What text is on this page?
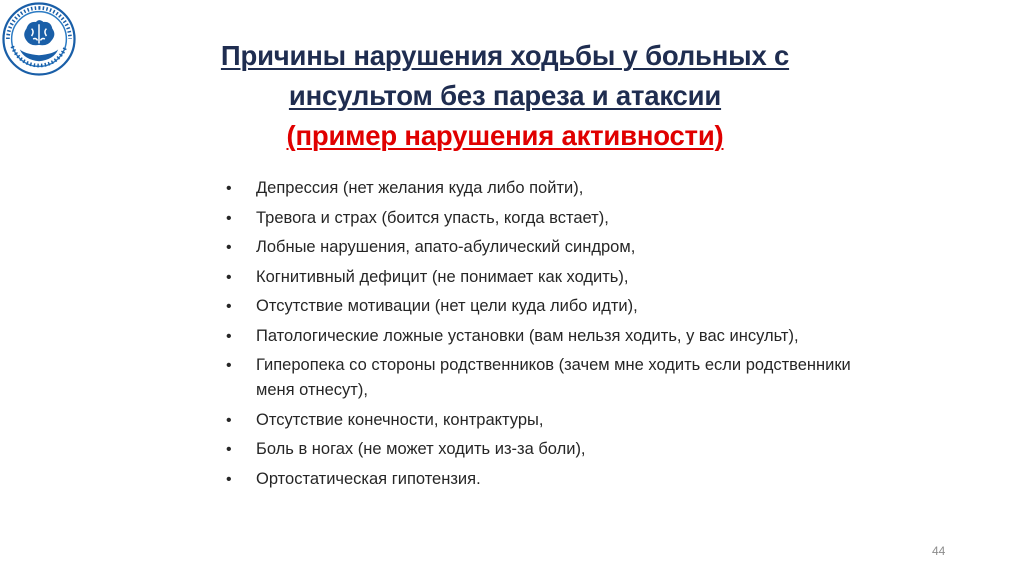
Причины нарушения ходьбы у больных с
инсультом без пареза и атаксии
(пример нарушения активности)
• Депрессия (нет желания куда либо пойти),
• Тревога и страх (боится упасть, когда встает),
• Лобные нарушения, апато-абулический синдром,
• Когнитивный дефицит (не понимает как ходить),
• Отсутствие мотивации (нет цели куда либо идти),
• Патологические ложные установки (вам нельзя ходить, у вас инсульт),
• Гиперопека со стороны родственников (зачем мне ходить если родственники меня отнесут),
• Отсутствие конечности, контрактуры,
• Боль в ногах (не может ходить из-за боли),
• Ортостатическая гипотензия.
44
